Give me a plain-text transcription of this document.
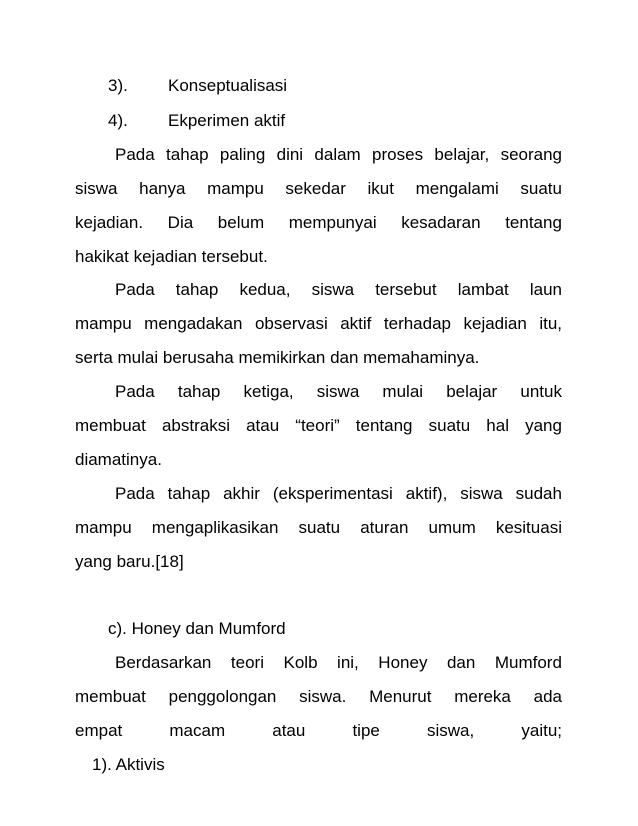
3). Konseptualisasi
4). Ekperimen aktif
Pada tahap paling dini dalam proses belajar, seorang
siswa hanya mampu sekedar ikut mengalami suatu
kejadian. Dia belum mempunyai kesadaran tentang
hakikat kejadian tersebut.
Pada tahap kedua, siswa tersebut lambat laun
mampu mengadakan observasi aktif terhadap kejadian itu,
serta mulai berusaha memikirkan dan memahaminya.
Pada tahap ketiga, siswa mulai belajar untuk
membuat abstraksi atau “teori” tentang suatu hal yang
diamatinya.
Pada tahap akhir (eksperimentasi aktif), siswa sudah
mampu mengaplikasikan suatu aturan umum kesituasi
yang baru.[18]
c). Honey dan Mumford
Berdasarkan teori Kolb ini, Honey dan Mumford
membuat penggolongan siswa. Menurut mereka ada
empat	macam	atau	tipe	siswa,	yaitu;
1). Aktivis
